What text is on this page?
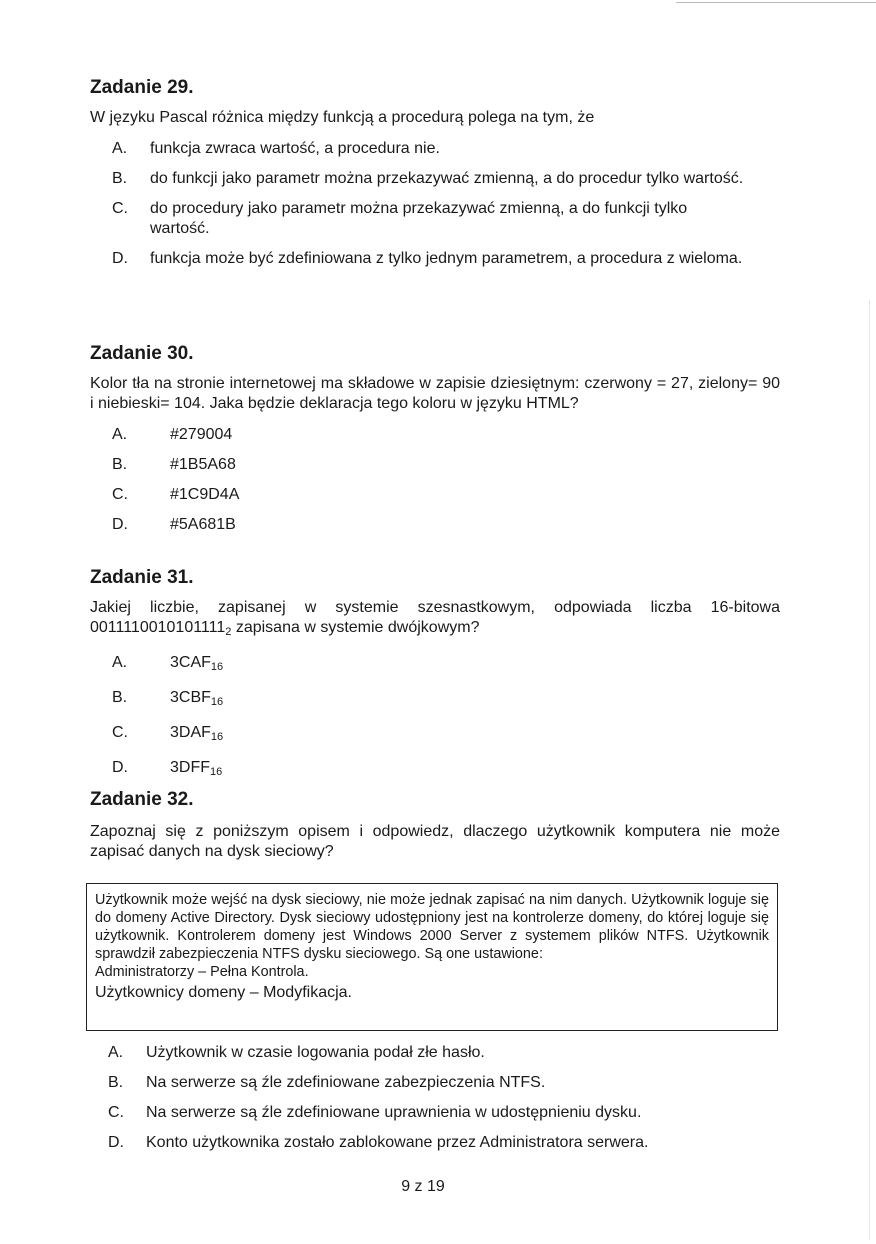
Zadanie 29.
W języku Pascal różnica między funkcją a procedurą polega na tym, że
A.	funkcja zwraca wartość, a procedura nie.
B.	do funkcji jako parametr można przekazywać zmienną, a do procedur tylko wartość.
C.	do procedury jako parametr można przekazywać zmienną, a do funkcji tylko wartość.
D.	funkcja może być zdefiniowana z tylko jednym parametrem, a procedura z wieloma.
Zadanie 30.
Kolor tła na stronie internetowej ma składowe w zapisie dziesiętnym: czerwony = 27, zielony= 90 i niebieski= 104. Jaka będzie deklaracja tego koloru w języku HTML?
A.	#279004
B.	#1B5A68
C.	#1C9D4A
D.	#5A681B
Zadanie 31.
Jakiej liczbie, zapisanej w systemie szesnastkowym, odpowiada liczba 16-bitowa $0011110010101111_2$ zapisana w systemie dwójkowym?
A.	$3CAF_{16}$
B.	$3CBF_{16}$
C.	$3DAF_{16}$
D.	$3DFF_{16}$
Zadanie 32.
Zapoznaj się z poniższym opisem i odpowiedz, dlaczego użytkownik komputera nie może zapisać danych na dysk sieciowy?
Użytkownik może wejść na dysk sieciowy, nie może jednak zapisać na nim danych. Użytkownik loguje się do domeny Active Directory. Dysk sieciowy udostępniony jest na kontrolerze domeny, do której loguje się użytkownik. Kontrolerem domeny jest Windows 2000 Server z systemem plików NTFS. Użytkownik sprawdził zabezpieczenia NTFS dysku sieciowego. Są one ustawione:
Administratorzy – Pełna Kontrola.
Użytkownicy domeny – Modyfikacja.
A.	Użytkownik w czasie logowania podał złe hasło.
B.	Na serwerze są źle zdefiniowane zabezpieczenia NTFS.
C.	Na serwerze są źle zdefiniowane uprawnienia w udostępnieniu dysku.
D.	Konto użytkownika zostało zablokowane przez Administratora serwera.
9 z 19
